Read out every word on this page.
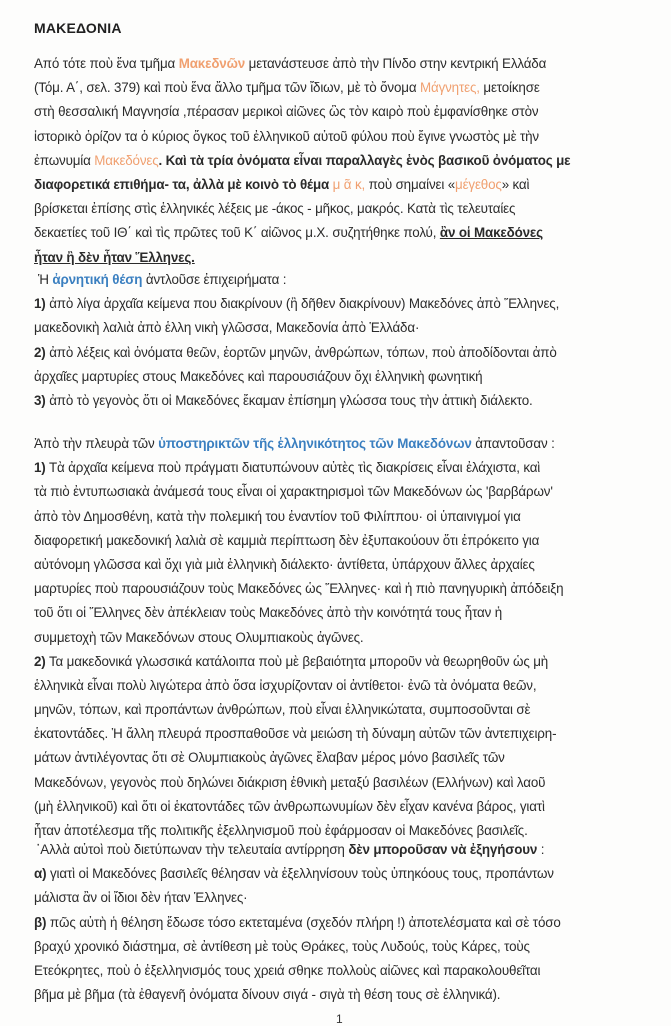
ΜΑΚΕΔΟΝΙΑ
Από τότε ποὺ ἕνα τμῆμα Μακεδνῶν μετανάστευσε ἀπὸ τὴν Πίνδο στην κεντρική Ελλάδα
(Τόμ. Α΄, σελ. 379) καὶ ποὺ ἕνα ἄλλο τμῆμα τῶν ἴδιων, μὲ τὸ ὄνομα Μάγνητες, μετοίκησε
στὴ θεσσαλική Μαγνησία ,πέρασαν μερικοὶ αἰῶνες ὣς τὸν καιρὸ ποὺ ἐμφανίσθηκε στὸν
ἱστορικὸ ὁρίζον τα ὁ κύριος ὄγκος τοῦ ἐλληνικοῦ αὐτοῦ φύλου ποὺ ἔγινε γνωστὸς μὲ τὴν
ἐπωνυμία Μακεδόνες. Καὶ τὰ τρία ὀνόματα εἶναι παραλλαγὲς ἑνὸς βασικοῦ ὀνόματος με
διαφορετικά επιθήμα- τα, ἀλλὰ μὲ κοινὸ τὸ θέμα μ ᾶ κ, ποὺ σημαίνει «μέγεθος» καὶ
βρίσκεται ἐπίσης στὶς ἑλληνικές λέξεις με -άκος - μῆκος, μακρός. Κατὰ τὶς τελευταίες
δεκαετίες τοῦ ΙΘ΄ καὶ τὶς πρῶτες τοῦ Κ΄ αἰῶνος μ.Χ. συζητήθηκε πολύ, ἂν οἱ Μακεδόνες
ἦταν ἢ δὲν ἦταν Ἕλληνες.
Ἡ ἀρνητική θέση ἀντλοῦσε ἐπιχειρήματα :
1) ἀπὸ λίγα ἀρχαῖα κείμενα που διακρίνουν (ἢ δῆθεν διακρίνουν) Μακεδόνες ἀπὸ Ἕλληνες,
μακεδονικὴ λαλιὰ ἀπὸ ἑλλη νικὴ γλῶσσα, Μακεδονία ἀπὸ Ἑλλάδα·
2) ἀπὸ λέξεις καὶ ὀνόματα θεῶν, ἑορτῶν μηνῶν, ἀνθρώπων, τόπων, ποὺ ἀποδίδονται ἀπὸ
ἀρχαῖες μαρτυρίες στους Μακεδόνες καὶ παρουσιάζουν ὄχι ἑλληνικὴ φωνητική
3) ἀπὸ τὸ γεγονὸς ὅτι οἱ Μακεδόνες ἔκαμαν ἐπίσημη γλώσσα τους τὴν ἀττικὴ διάλεκτο.
Ἀπὸ τὴν πλευρὰ τῶν ὑποστηρικτῶν τῆς ἑλληνικότητος τῶν Μακεδόνων ἀπαντοῦσαν :
1) Τὰ ἀρχαῖα κείμενα ποὺ πράγματι διατυπώνουν αὐτὲς τὶς διακρίσεις εἶναι ἐλάχιστα, καὶ
τὰ πιὸ ἐντυπωσιακὰ ἀνάμεσά τους εἶναι οἱ χαρακτηρισμοὶ τῶν Μακεδόνων ὡς 'βαρβάρων'
ἀπὸ τὸν Δημοσθένη, κατὰ τὴν πολεμική του ἐναντίον τοῦ Φιλίππου· οἱ ὑπαινιγμοί για
διαφορετική μακεδονική λαλιὰ σὲ καμμιὰ περίπτωση δὲν ἐξυπακούουν ὅτι ἐπρόκειτο για
αὐτόνομη γλῶσσα καὶ ὄχι γιὰ μιὰ ἑλληνικὴ διάλεκτο· ἀντίθετα, ὑπάρχουν ἄλλες ἀρχαίες
μαρτυρίες ποὺ παρουσιάζουν τοὺς Μακεδόνες ὡς Ἕλληνες· καὶ ἡ πιὸ πανηγυρικὴ ἀπόδειξη
τοῦ ὅτι οἱ Ἕλληνες δὲν ἀπέκλειαν τοὺς Μακεδόνες ἀπὸ τὴν κοινότητά τους ἦταν ἡ
συμμετοχὴ τῶν Μακεδόνων στους Ολυμπιακοὺς ἀγῶνες.
2) Τα μακεδονικά γλωσσικά κατάλοιπα ποὺ μὲ βεβαιότητα μποροῦν νὰ θεωρηθοῦν ὡς μὴ
ἑλληνικὰ εἶναι πολὺ λιγώτερα ἀπὸ ὅσα ἰσχυρίζονταν οἱ ἀντίθετοι· ἐνῶ τὰ ὀνόματα θεῶν,
μηνῶν, τόπων, καὶ προπάντων ἀνθρώπων, ποὺ εἶναι ἑλληνικώτατα, συμποσοῦνται σὲ
ἑκατοντάδες. Ἡ ἄλλη πλευρά προσπαθοῦσε νὰ μειώση τὴ δύναμη αὐτῶν τῶν ἀντεπιχειρη-
μάτων ἀντιλέγοντας ὅτι σὲ Ολυμπιακοὺς ἀγῶνες ἔλαβαν μέρος μόνο βασιλεῖς τῶν
Μακεδόνων, γεγονὸς ποὺ δηλώνει διάκριση ἐθνικὴ μεταξύ βασιλέων (Ελλήνων) καὶ λαοῦ
(μὴ ἑλληνικοῦ) καὶ ὅτι οἱ ἑκατοντάδες τῶν ἀνθρωπωνυμίων δὲν εἶχαν κανένα βάρος, γιατὶ
ἦταν ἀποτέλεσμα τῆς πολιτικῆς ἐξελληνισμοῦ ποὺ ἐφάρμοσαν οἱ Μακεδόνες βασιλεῖς.
῾Αλλὰ αὐτοὶ ποὺ διετύπωναν τὴν τελευταία αντίρρηση δὲν μποροῦσαν νὰ ἐξηγήσουν :
α) γιατὶ οἱ Μακεδόνες βασιλεῖς θέλησαν νὰ ἐξελληνίσουν τοὺς ὑπηκόους τους, προπάντων
μάλιστα ἂν οἱ ἴδιοι δὲν ήταν Ἑλληνες·
β) πῶς αὐτὴ ἡ θέληση ἔδωσε τόσο εκτεταμένα (σχεδόν πλήρη !) ἀποτελέσματα καὶ σὲ τόσο
βραχύ χρονικό διάστημα, σὲ ἀντίθεση μὲ τοὺς Θράκες, τοὺς Λυδούς, τοὺς Κάρες, τοὺς
Ετεόκρητες, ποὺ ὁ ἐξελληνισμός τους χρειά σθηκε πολλοὺς αἰῶνες καὶ παρακολουθεῖται
βῆμα μὲ βῆμα (τὰ ἐθαγενῆ ὀνόματα δίνουν σιγά - σιγὰ τὴ θέση τους σὲ ἑλληνικά).
1
